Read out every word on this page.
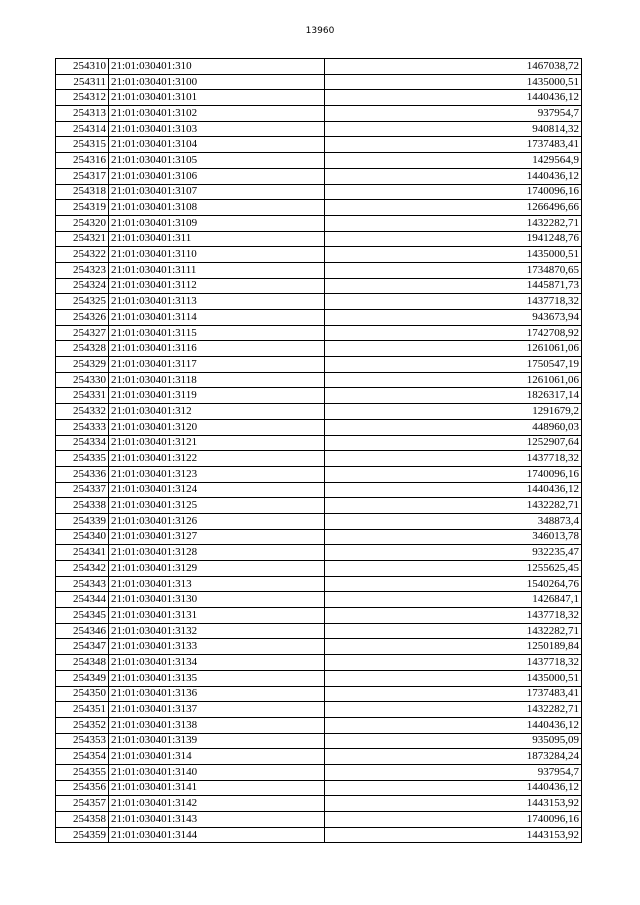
13960
254310	21:01:030401:310	1467038,72
254311	21:01:030401:3100	1435000,51
254312	21:01:030401:3101	1440436,12
254313	21:01:030401:3102	937954,7
254314	21:01:030401:3103	940814,32
254315	21:01:030401:3104	1737483,41
254316	21:01:030401:3105	1429564,9
254317	21:01:030401:3106	1440436,12
254318	21:01:030401:3107	1740096,16
254319	21:01:030401:3108	1266496,66
254320	21:01:030401:3109	1432282,71
254321	21:01:030401:311	1941248,76
254322	21:01:030401:3110	1435000,51
254323	21:01:030401:3111	1734870,65
254324	21:01:030401:3112	1445871,73
254325	21:01:030401:3113	1437718,32
254326	21:01:030401:3114	943673,94
254327	21:01:030401:3115	1742708,92
254328	21:01:030401:3116	1261061,06
254329	21:01:030401:3117	1750547,19
254330	21:01:030401:3118	1261061,06
254331	21:01:030401:3119	1826317,14
254332	21:01:030401:312	1291679,2
254333	21:01:030401:3120	448960,03
254334	21:01:030401:3121	1252907,64
254335	21:01:030401:3122	1437718,32
254336	21:01:030401:3123	1740096,16
254337	21:01:030401:3124	1440436,12
254338	21:01:030401:3125	1432282,71
254339	21:01:030401:3126	348873,4
254340	21:01:030401:3127	346013,78
254341	21:01:030401:3128	932235,47
254342	21:01:030401:3129	1255625,45
254343	21:01:030401:313	1540264,76
254344	21:01:030401:3130	1426847,1
254345	21:01:030401:3131	1437718,32
254346	21:01:030401:3132	1432282,71
254347	21:01:030401:3133	1250189,84
254348	21:01:030401:3134	1437718,32
254349	21:01:030401:3135	1435000,51
254350	21:01:030401:3136	1737483,41
254351	21:01:030401:3137	1432282,71
254352	21:01:030401:3138	1440436,12
254353	21:01:030401:3139	935095,09
254354	21:01:030401:314	1873284,24
254355	21:01:030401:3140	937954,7
254356	21:01:030401:3141	1440436,12
254357	21:01:030401:3142	1443153,92
254358	21:01:030401:3143	1740096,16
254359	21:01:030401:3144	1443153,92
